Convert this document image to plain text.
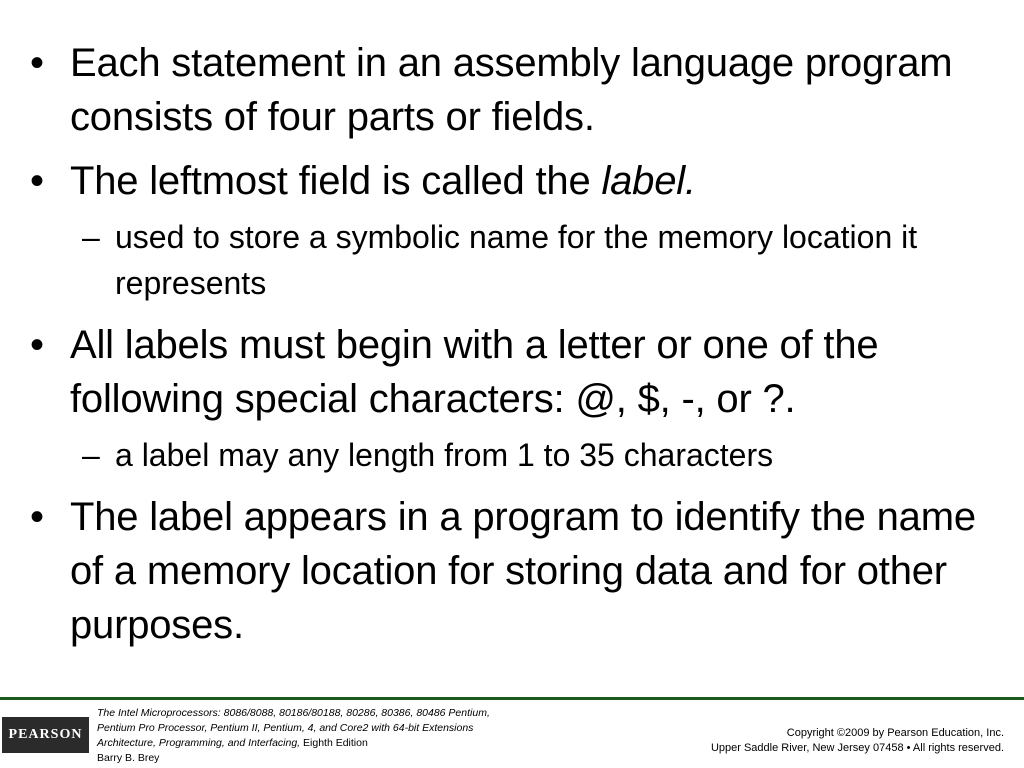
• Each statement in an assembly language program consists of four parts or fields.
• The leftmost field is called the label.
– used to store a symbolic name for the memory location it represents
• All labels must begin with a letter or one of the following special characters: @, $, -, or ?.
– a label may any length from 1 to 35 characters
• The label appears in a program to identify the name of a memory location for storing data and for other purposes.
PEARSON
The Intel Microprocessors: 8086/8088, 80186/80188, 80286, 80386, 80486 Pentium,
Pentium Pro Processor, Pentium II, Pentium, 4, and Core2 with 64-bit Extensions
Architecture, Programming, and Interfacing, Eighth Edition
Barry B. Brey
Copyright ©2009 by Pearson Education, Inc.
Upper Saddle River, New Jersey 07458 • All rights reserved.
